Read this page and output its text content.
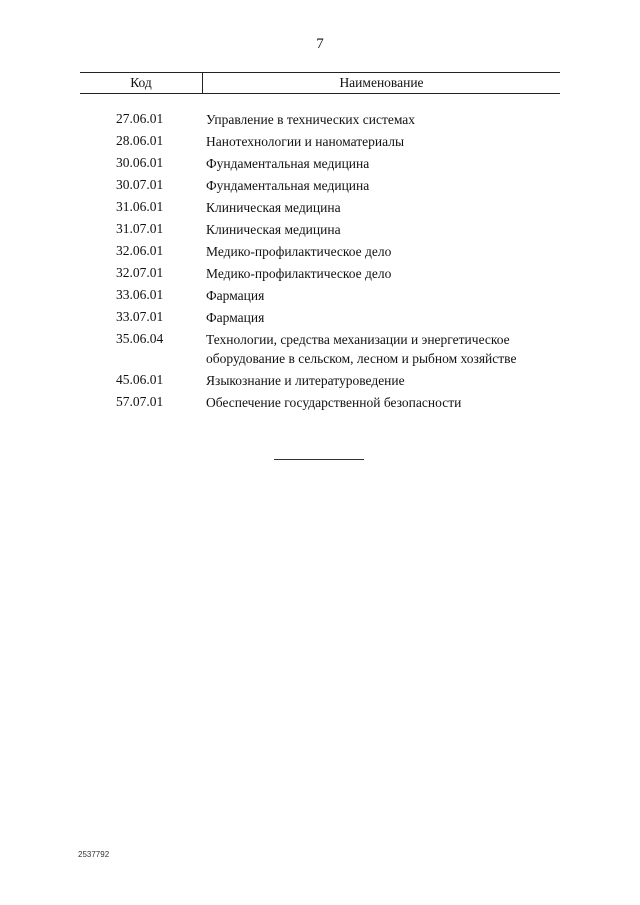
7
Код	Наименование
27.06.01	Управление в технических системах
28.06.01	Нанотехнологии и наноматериалы
30.06.01	Фундаментальная медицина
30.07.01	Фундаментальная медицина
31.06.01	Клиническая медицина
31.07.01	Клиническая медицина
32.06.01	Медико-профилактическое дело
32.07.01	Медико-профилактическое дело
33.06.01	Фармация
33.07.01	Фармация
35.06.04	Технологии, средства механизации и энергетическое оборудование в сельском, лесном и рыбном хозяйстве
45.06.01	Языкознание и литературоведение
57.07.01	Обеспечение государственной безопасности
2537792
